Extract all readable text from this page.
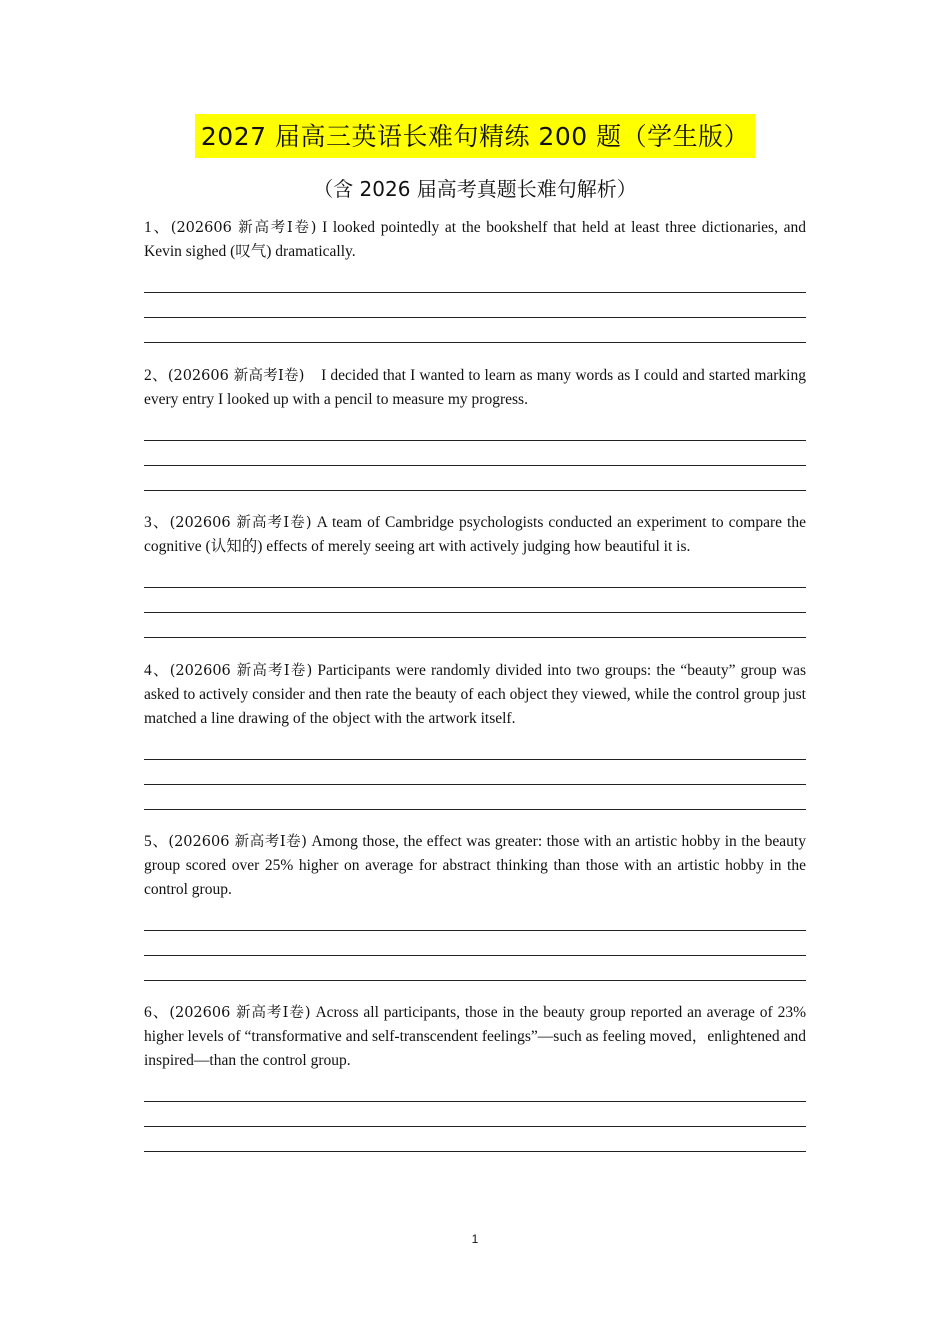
2027 届高三英语长难句精练 200 题（学生版）
（含 2026 届高考真题长难句解析）

1、(202606 新高考Ⅰ卷) I looked pointedly at the bookshelf that held at least three dictionaries, and Kevin sighed (叹气) dramatically.

2、(202606 新高考Ⅰ卷)    I decided that I wanted to learn as many words as I could and started marking every entry I looked up with a pencil to measure my progress.

3、(202606 新高考Ⅰ卷) A team of Cambridge psychologists conducted an experiment to compare the cognitive (认知的) effects of merely seeing art with actively judging how beautiful it is.

4、(202606 新高考Ⅰ卷) Participants were randomly divided into two groups: the “beauty” group was asked to actively consider and then rate the beauty of each object they viewed, while the control group just matched a line drawing of the object with the artwork itself.

5、(202606 新高考Ⅰ卷) Among those, the effect was greater: those with an artistic hobby in the beauty group scored over 25% higher on average for abstract thinking than those with an artistic hobby in the control group.

6、(202606 新高考Ⅰ卷) Across all participants, those in the beauty group reported an average of 23% higher levels of “transformative and self-transcendent feelings”—such as feeling moved，enlightened and inspired—than the control group.

1
